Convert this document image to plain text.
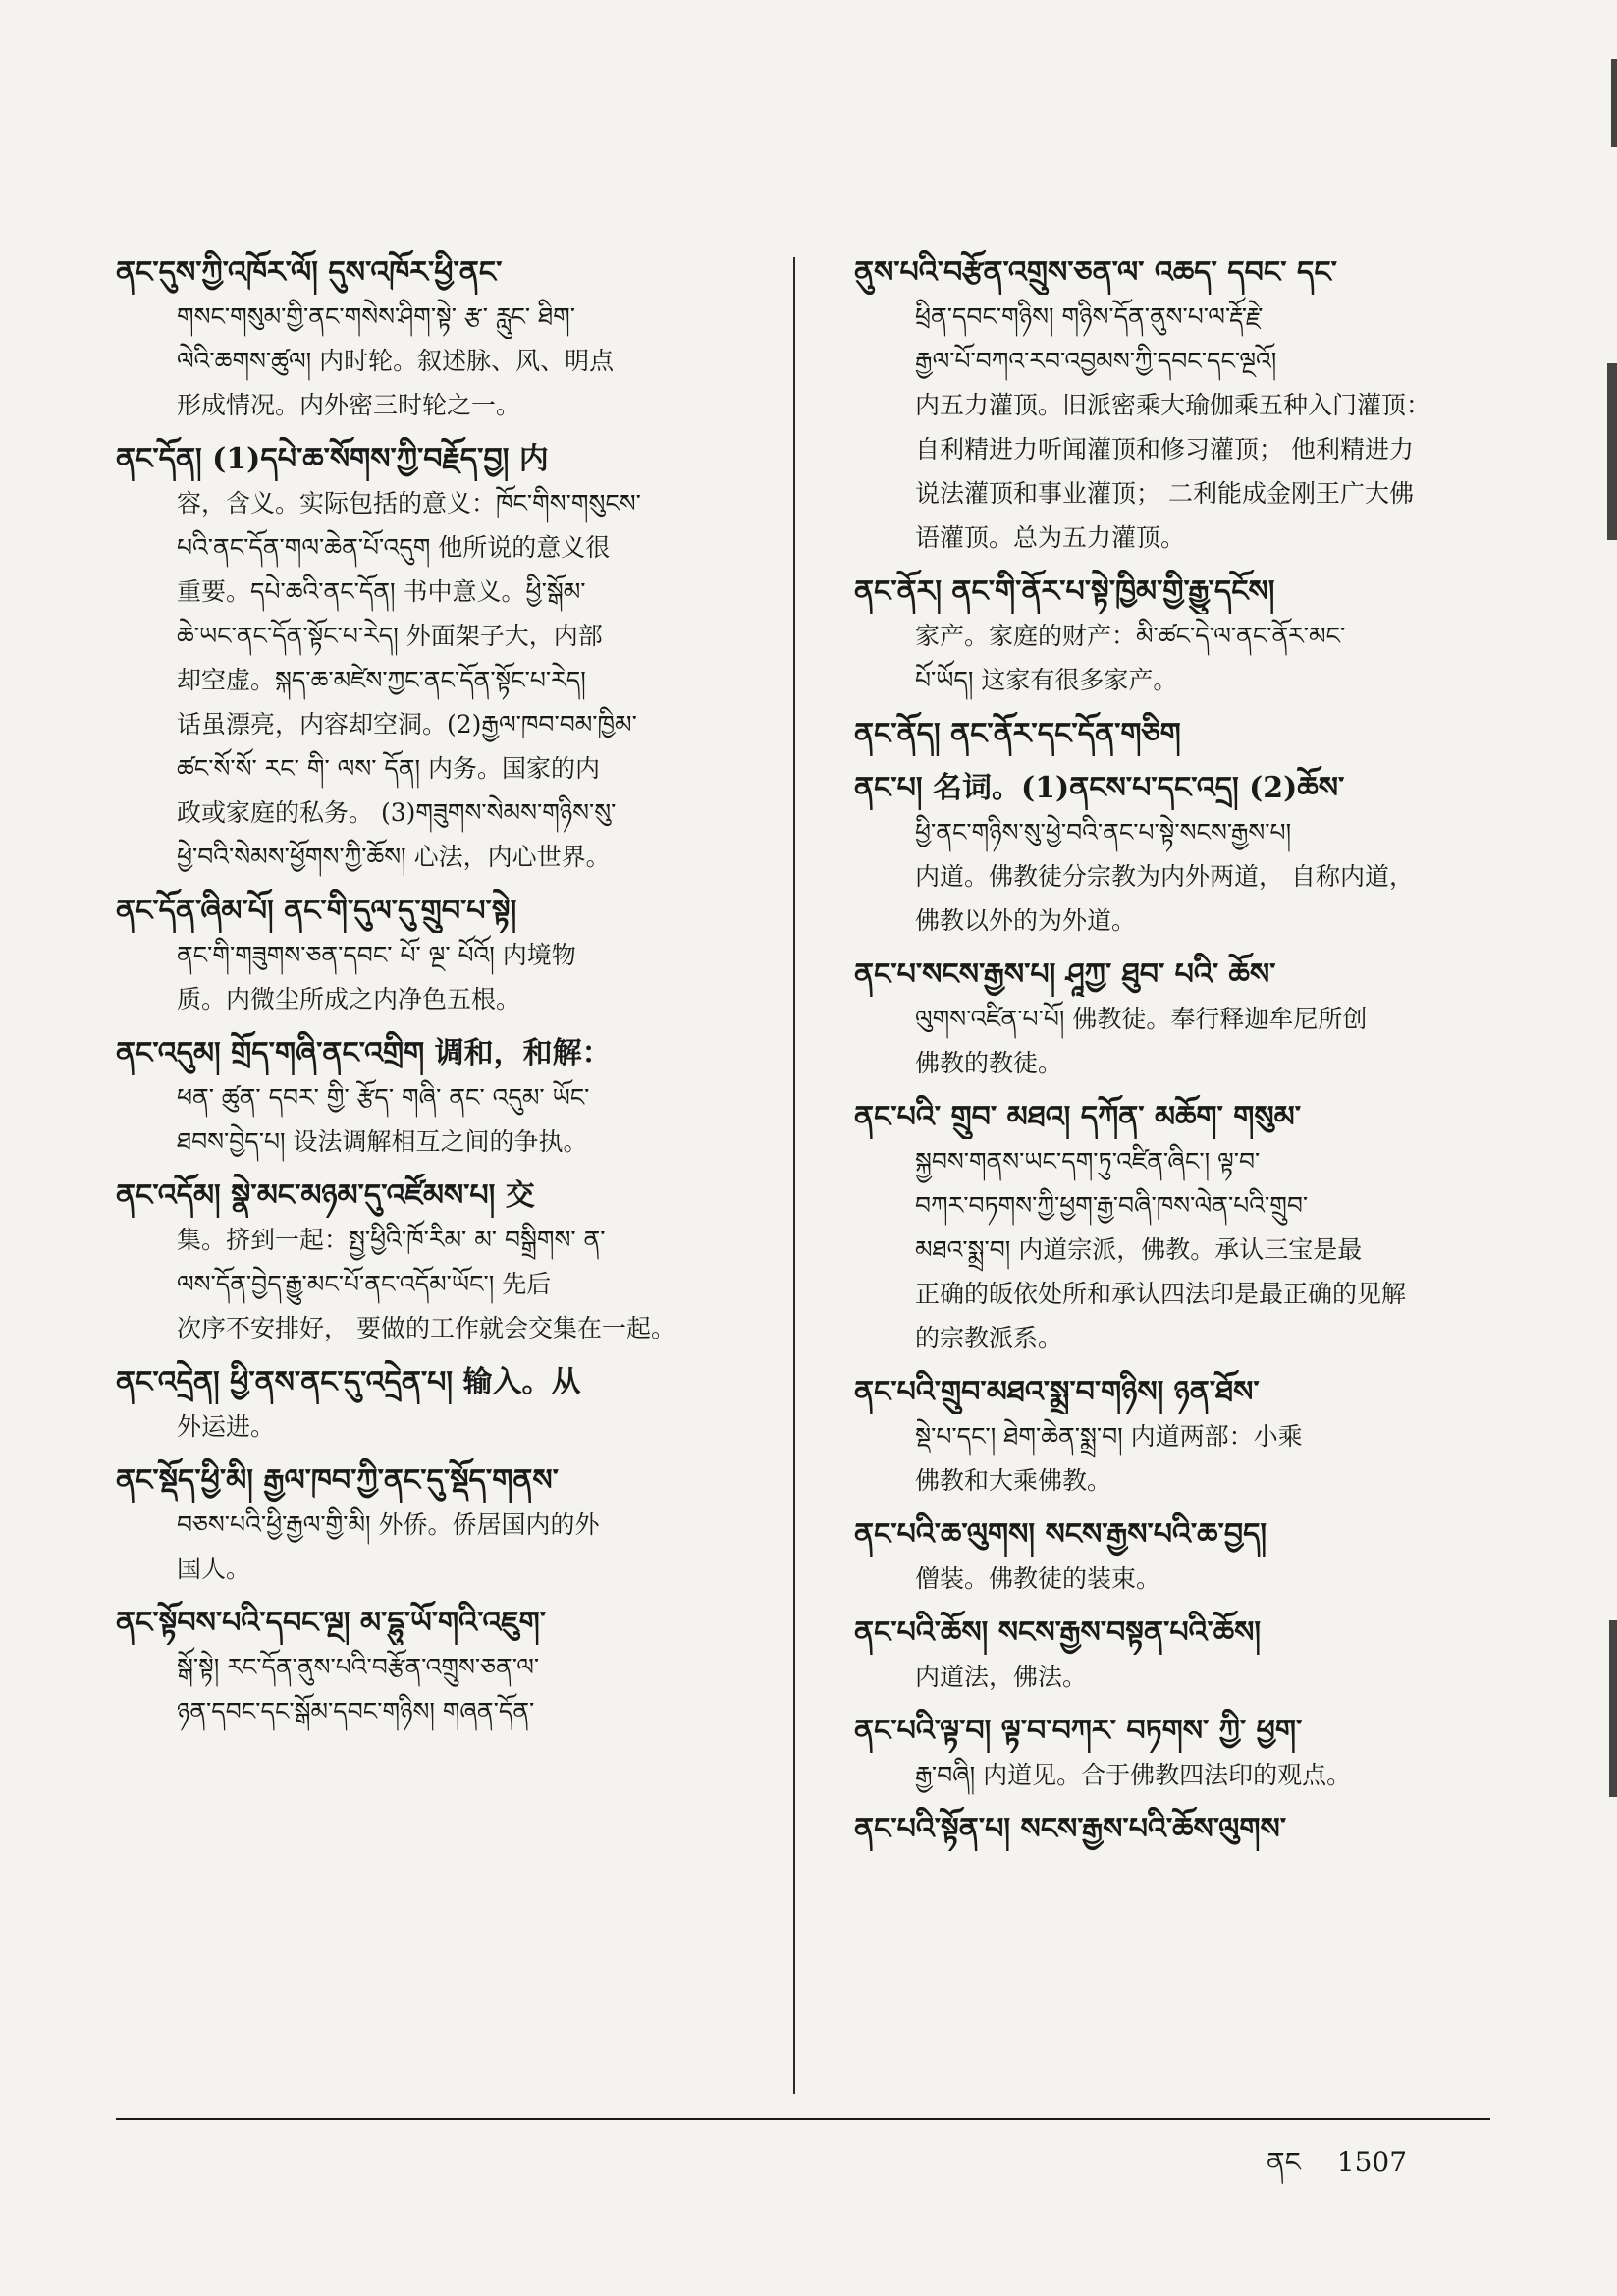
ནང་དུས་ཀྱི་འཁོར་ལོ། དུས་འཁོར་ཕྱི་ནང་
གསང་གསུམ་གྱི་ནང་གསེས་ཤིག་སྟེ་ རྩ་ རླུང་ ཐིག་
ལེའི་ཆགས་ཚུལ། 内时轮。叙述脉、风、明点
形成情况。内外密三时轮之一。
ནང་དོན། (1)དཔེ་ཆ་སོགས་ཀྱི་བརྗོད་བྱ། 内
容，含义。实际包括的意义：ཁོང་གིས་གསུངས་
པའི་ནང་དོན་གལ་ཆེན་པོ་འདུག 他所说的意义很
重要。དཔེ་ཆའི་ནང་དོན། 书中意义。ཕྱི་སྒོམ་
ཆེ་ཡང་ནང་དོན་སྟོང་པ་རེད། 外面架子大，内部
却空虚。སྐད་ཆ་མཛེས་ཀྱང་ནང་དོན་སྟོང་པ་རེད།
话虽漂亮，内容却空洞。(2)རྒྱལ་ཁབ་བམ་ཁྱིམ་
ཚང་སོ་སོ་ རང་ གི་ ལས་ དོན། 内务。国家的内
政或家庭的私务。 (3)གཟུགས་སེམས་གཉིས་སུ་
ཕྱེ་བའི་སེམས་ཕྱོགས་ཀྱི་ཆོས། 心法，内心世界。
ནང་དོན་ཞིམ་པོ། ནང་གི་དུལ་དུ་གྲུབ་པ་སྟེ།
ནང་གི་གཟུགས་ཅན་དབང་ པོ་ ལྔ་ པོའོ། 内境物
质。内微尘所成之内净色五根。
ནང་འདུམ། གྲོད་གཞི་ནང་འགྲིག 调和，和解：
ཕན་ ཚུན་ དབར་ གྱི་ རྩོད་ གཞི་ ནང་ འདུམ་ ཡོང་
ཐབས་བྱེད་པ། 设法调解相互之间的争执。
ནང་འདོམ། སྣེ་མང་མཉམ་དུ་འཛོམས་པ། 交
集。挤到一起：སྤྱ་ཕྱིའི་ཁོ་རིམ་ མ་ བསྒྲིགས་ ན་
ལས་དོན་བྱེད་རྒྱུ་མང་པོ་ནང་འདོམ་ཡོང་། 先后
次序不安排好， 要做的工作就会交集在一起。
ནང་འདྲེན། ཕྱི་ནས་ནང་དུ་འདྲེན་པ། 输入。从
外运进。
ནང་སྡོད་ཕྱི་མི། རྒྱལ་ཁབ་ཀྱི་ནང་དུ་སྡོད་གནས་
བཅས་པའི་ཕྱི་རྒྱལ་གྱི་མི། 外侨。侨居国内的外
国人。
ནང་སྟོབས་པའི་དབང་ལྔ། མ་དྷུ་ཡོ་གའི་འཇུག་
སྒོ་སྟེ། རང་དོན་ནུས་པའི་བརྩོན་འགྲུས་ཅན་ལ་
ཉན་དབང་དང་སྒོམ་དབང་གཉིས། གཞན་དོན་
ནུས་པའི་བརྩོན་འགྲུས་ཅན་ལ་ འཆད་ དབང་ དང་
ཕྲིན་དབང་གཉིས། གཉིས་དོན་ནུས་པ་ལ་རྡོ་རྗེ་
རྒྱལ་པོ་བཀའ་རབ་འབྱམས་ཀྱི་དབང་དང་ལྔའོ།
内五力灌顶。旧派密乘大瑜伽乘五种入门灌顶：
自利精进力听闻灌顶和修习灌顶； 他利精进力
说法灌顶和事业灌顶； 二利能成金刚王广大佛
语灌顶。总为五力灌顶。
ནང་ནོར། ནང་གི་ནོར་པ་སྟེ་ཁྱིམ་གྱི་རྒྱུ་དངོས།
家产。家庭的财产：མི་ཚང་དེ་ལ་ནང་ནོར་མང་
པོ་ཡོད། 这家有很多家产。
ནང་ནོད། ནང་ནོར་དང་དོན་གཅིག
ནང་པ། 名词。(1)ནངས་པ་དང་འདྲ། (2)ཆོས་
ཕྱི་ནང་གཉིས་སུ་ཕྱེ་བའི་ནང་པ་སྟེ་སངས་རྒྱས་པ།
内道。佛教徒分宗教为内外两道， 自称内道，
佛教以外的为外道。
ནང་པ་སངས་རྒྱས་པ། ཤཱཀྱ་ ཐུབ་ པའི་ ཆོས་
ལུགས་འཛིན་པ་པོ། 佛教徒。奉行释迦牟尼所创
佛教的教徒。
ནང་པའི་ གྲུབ་ མཐའ། དཀོན་ མཆོག་ གསུམ་
སྐྱབས་གནས་ཡང་དག་ཏུ་འཛིན་ཞིང་། ལྟ་བ་
བཀར་བཏགས་ཀྱི་ཕྱག་རྒྱ་བཞི་ཁས་ལེན་པའི་གྲུབ་
མཐའ་སྨྲ་བ། 内道宗派，佛教。承认三宝是最
正确的皈依处所和承认四法印是最正确的见解
的宗教派系。
ནང་པའི་གྲུབ་མཐའ་སྨྲ་བ་གཉིས། ཉན་ཐོས་
སྡེ་པ་དང་། ཐེག་ཆེན་སྨྲ་བ། 内道两部：小乘
佛教和大乘佛教。
ནང་པའི་ཆ་ལུགས། སངས་རྒྱས་པའི་ཆ་བྱད།
僧装。佛教徒的装束。
ནང་པའི་ཆོས། སངས་རྒྱས་བསྟན་པའི་ཆོས།
内道法，佛法。
ནང་པའི་ལྟ་བ། ལྟ་བ་བཀར་ བཏགས་ ཀྱི་ ཕྱག་
རྒྱ་བཞི། 内道见。合于佛教四法印的观点。
ནང་པའི་སྟོན་པ། སངས་རྒྱས་པའི་ཆོས་ལུགས་
ནང 1507
